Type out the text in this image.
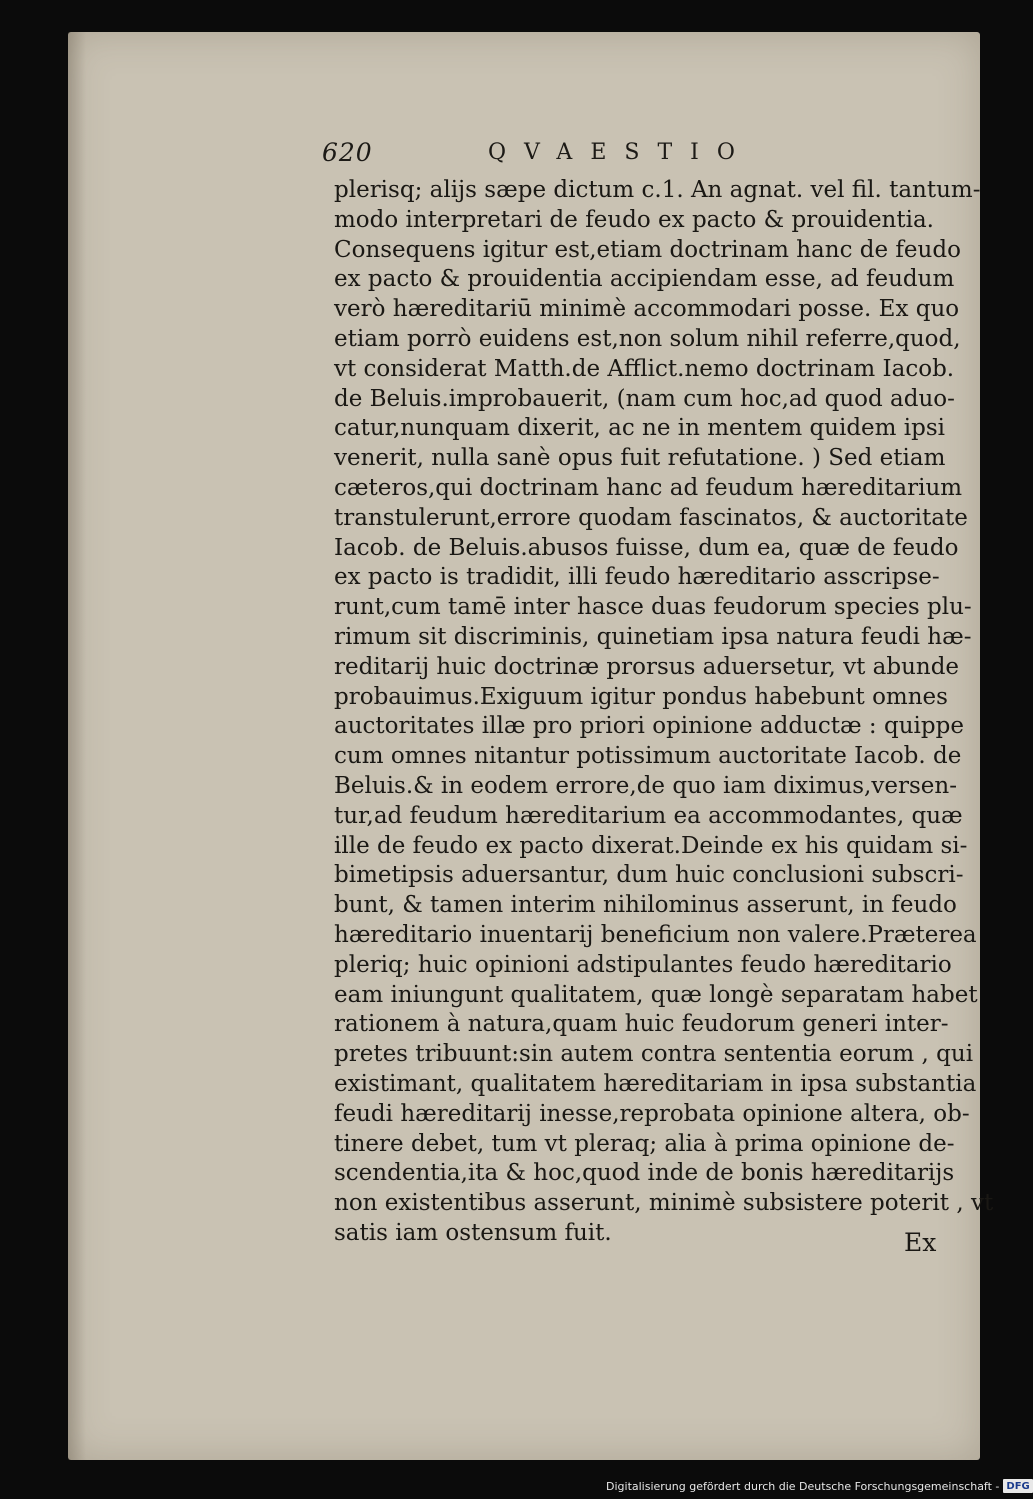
620	QVAESTIO
plerisq; alijs sæpe dictum c.1. An agnat. vel fil. tantum-
modo interpretari de feudo ex pacto & prouidentia.
Consequens igitur est,etiam doctrinam hanc de feudo
ex pacto & prouidentia accipiendam esse, ad feudum
verò hæreditariū minimè accommodari posse. Ex quo
etiam porrò euidens est,non solum nihil referre,quod,
vt considerat Matth.de Afflict.nemo doctrinam Iacob.
de Beluis.improbauerit, (nam cum hoc,ad quod aduo-
catur,nunquam dixerit, ac ne in mentem quidem ipsi
venerit, nulla sanè opus fuit refutatione. ) Sed etiam
cæteros,qui doctrinam hanc ad feudum hæreditarium
transtulerunt,errore quodam fascinatos, & auctoritate
Iacob. de Beluis.abusos fuisse, dum ea, quæ de feudo
ex pacto is tradidit, illi feudo hæreditario asscripse-
runt,cum tamē inter hasce duas feudorum species plu-
rimum sit discriminis, quinetiam ipsa natura feudi hæ-
reditarij huic doctrinæ prorsus aduersetur, vt abunde
probauimus.Exiguum igitur pondus habebunt omnes
auctoritates illæ pro priori opinione adductæ : quippe
cum omnes nitantur potissimum auctoritate Iacob. de
Beluis.& in eodem errore,de quo iam diximus,versen-
tur,ad feudum hæreditarium ea accommodantes, quæ
ille de feudo ex pacto dixerat.Deinde ex his quidam si-
bimetipsis aduersantur, dum huic conclusioni subscri-
bunt, & tamen interim nihilominus asserunt, in feudo
hæreditario inuentarij beneficium non valere.Præterea
pleriq; huic opinioni adstipulantes feudo hæreditario
eam iniungunt qualitatem, quæ longè separatam habet
rationem à natura,quam huic feudorum generi inter-
pretes tribuunt:sin autem contra sententia eorum , qui
existimant, qualitatem hæreditariam in ipsa substantia
feudi hæreditarij inesse,reprobata opinione altera, ob-
tinere debet, tum vt pleraq; alia à prima opinione de-
scendentia,ita & hoc,quod inde de bonis hæreditarijs
non existentibus asserunt, minimè subsistere poterit , vt
satis iam ostensum fuit.	Ex
Digitalisierung gefördert durch die Deutsche Forschungsgemeinschaft - DFG
